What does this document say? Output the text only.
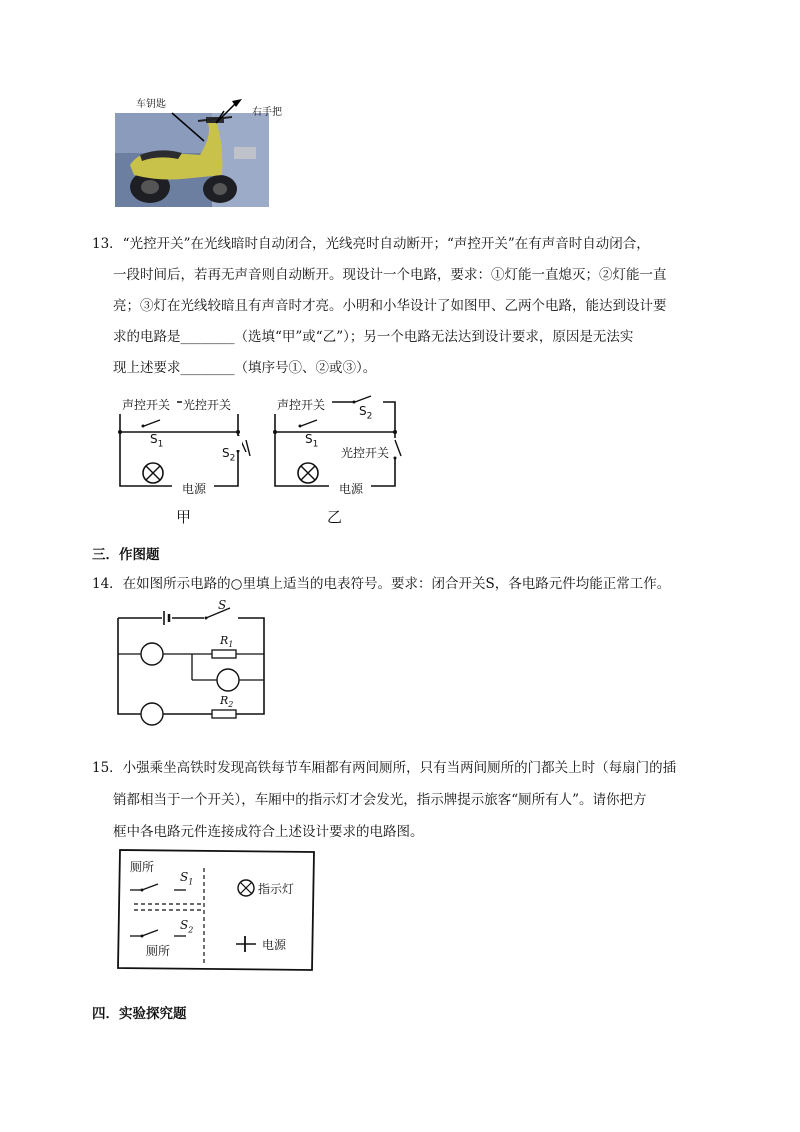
车钥匙
右手把
13．“光控开关”在光线暗时自动闭合，光线亮时自动断开；“声控开关”在有声音时自动闭合，
一段时间后，若再无声音则自动断开。现设计一个电路，要求：①灯能一直熄灭；②灯能一直
亮；③灯在光线较暗且有声音时才亮。小明和小华设计了如图甲、乙两个电路，能达到设计要
求的电路是________（选填“甲”或“乙”）；另一个电路无法达到设计要求，原因是无法实
现上述要求________（填序号①、②或③）。
声控开关 光控开关
$S_1$
$S_2$
电源
甲
声控开关	$S_2$
$S_1$
光控开关
电源
乙
三．作图题
14．在如图所示电路的○里填上适当的电表符号。要求：闭合开关S，各电路元件均能正常工作。
S
$R_1$
$R_2$
15．小强乘坐高铁时发现高铁每节车厢都有两间厕所，只有当两间厕所的门都关上时（每扇门的插
销都相当于一个开关），车厢中的指示灯才会发光，指示牌提示旅客“厕所有人”。请你把方
框中各电路元件连接成符合上述设计要求的电路图。
厕所
$S_1$
$S_2$
厕所
指示灯
电源
四．实验探究题
